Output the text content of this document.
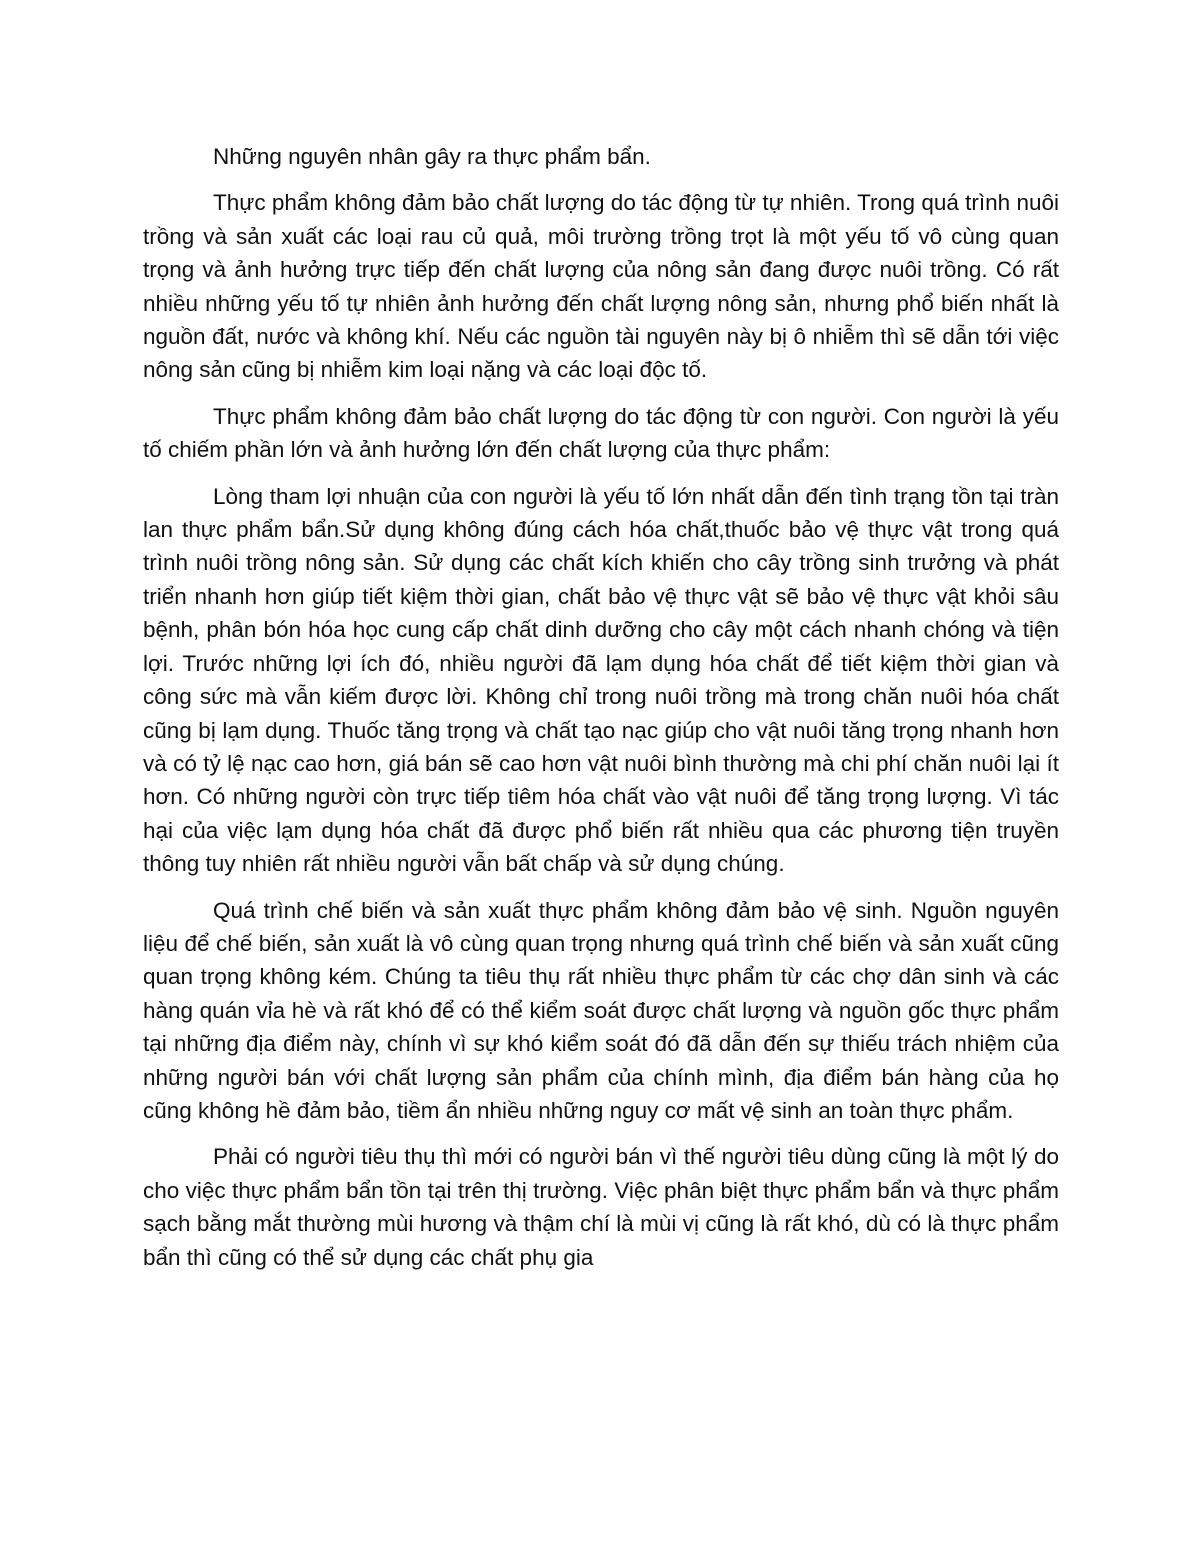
Những nguyên nhân gây ra thực phẩm bẩn.

Thực phẩm không đảm bảo chất lượng do tác động từ tự nhiên. Trong quá trình nuôi trồng và sản xuất các loại rau củ quả, môi trường trồng trọt là một yếu tố vô cùng quan trọng và ảnh hưởng trực tiếp đến chất lượng của nông sản đang được nuôi trồng. Có rất nhiều những yếu tố tự nhiên ảnh hưởng đến chất lượng nông sản, nhưng phổ biến nhất là nguồn đất, nước và không khí. Nếu các nguồn tài nguyên này bị ô nhiễm thì sẽ dẫn tới việc nông sản cũng bị nhiễm kim loại nặng và các loại độc tố.

Thực phẩm không đảm bảo chất lượng do tác động từ con người. Con người là yếu tố chiếm phần lớn và ảnh hưởng lớn đến chất lượng của thực phẩm:

Lòng tham lợi nhuận của con người là yếu tố lớn nhất dẫn đến tình trạng tồn tại tràn lan thực phẩm bẩn.Sử dụng không đúng cách hóa chất,thuốc bảo vệ thực vật trong quá trình nuôi trồng nông sản. Sử dụng các chất kích khiến cho cây trồng sinh trưởng và phát triển nhanh hơn giúp tiết kiệm thời gian, chất bảo vệ thực vật sẽ bảo vệ thực vật khỏi sâu bệnh, phân bón hóa học cung cấp chất dinh dưỡng cho cây một cách nhanh chóng và tiện lợi. Trước những lợi ích đó, nhiều người đã lạm dụng hóa chất để tiết kiệm thời gian và công sức mà vẫn kiếm được lời. Không chỉ trong nuôi trồng mà trong chăn nuôi hóa chất cũng bị lạm dụng. Thuốc tăng trọng và chất tạo nạc giúp cho vật nuôi tăng trọng nhanh hơn và có tỷ lệ nạc cao hơn, giá bán sẽ cao hơn vật nuôi bình thường mà chi phí chăn nuôi lại ít hơn. Có những người còn trực tiếp tiêm hóa chất vào vật nuôi để tăng trọng lượng. Vì tác hại của việc lạm dụng hóa chất đã được phổ biến rất nhiều qua các phương tiện truyền thông tuy nhiên rất nhiều người vẫn bất chấp và sử dụng chúng.

Quá trình chế biến và sản xuất thực phẩm không đảm bảo vệ sinh. Nguồn nguyên liệu để chế biến, sản xuất là vô cùng quan trọng nhưng quá trình chế biến và sản xuất cũng quan trọng không kém. Chúng ta tiêu thụ rất nhiều thực phẩm từ các chợ dân sinh và các hàng quán vỉa hè và rất khó để có thể kiểm soát được chất lượng và nguồn gốc thực phẩm tại những địa điểm này, chính vì sự khó kiểm soát đó đã dẫn đến sự thiếu trách nhiệm của những người bán với chất lượng sản phẩm của chính mình, địa điểm bán hàng của họ cũng không hề đảm bảo, tiềm ẩn nhiều những nguy cơ mất vệ sinh an toàn thực phẩm.

Phải có người tiêu thụ thì mới có người bán vì thế người tiêu dùng cũng là một lý do cho việc thực phẩm bẩn tồn tại trên thị trường. Việc phân biệt thực phẩm bẩn và thực phẩm sạch bằng mắt thường mùi hương và thậm chí là mùi vị cũng là rất khó, dù có là thực phẩm bẩn thì cũng có thể sử dụng các chất phụ gia
